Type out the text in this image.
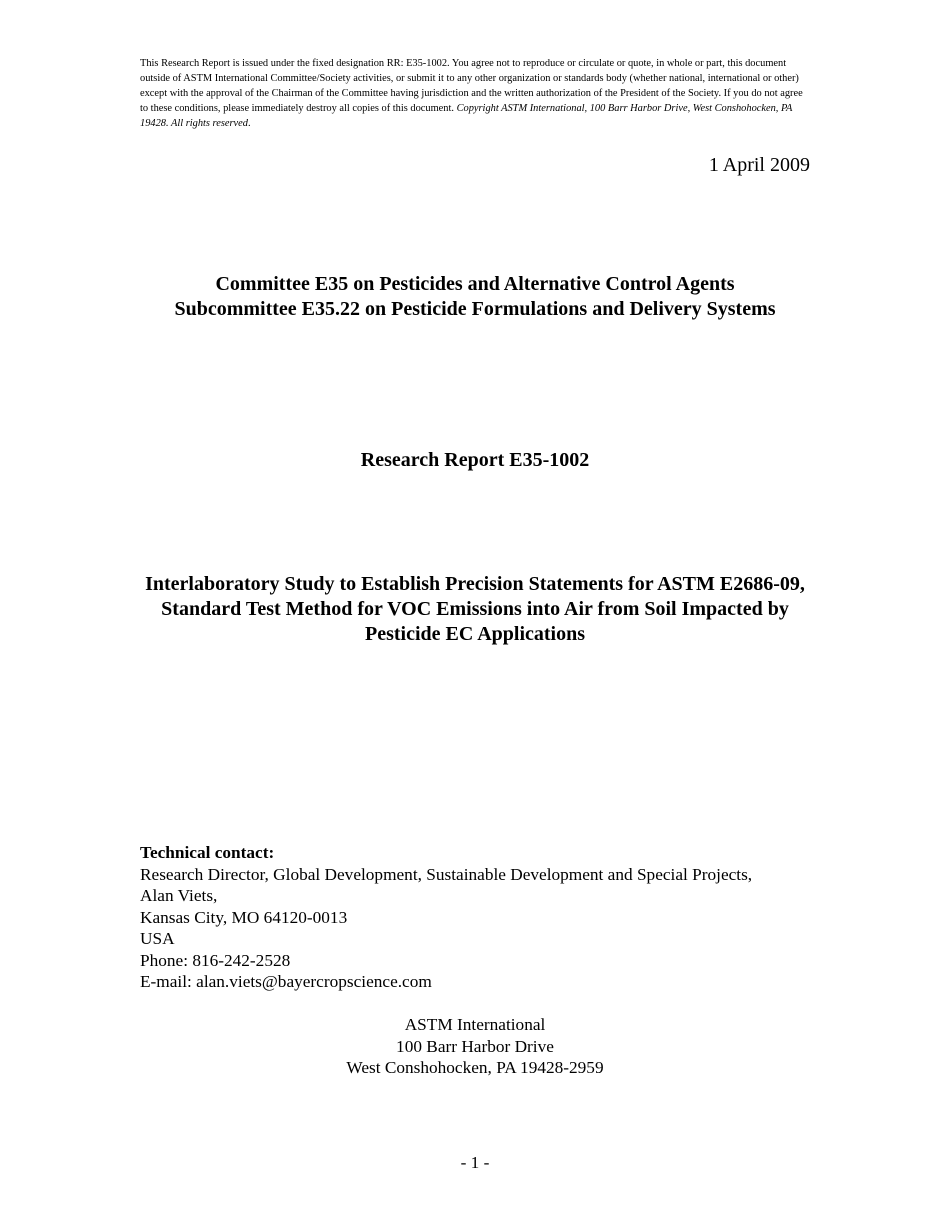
This Research Report is issued under the fixed designation RR: E35-1002. You agree not to reproduce or circulate or quote, in whole or part, this document outside of ASTM International Committee/Society activities, or submit it to any other organization or standards body (whether national, international or other) except with the approval of the Chairman of the Committee having jurisdiction and the written authorization of the President of the Society. If you do not agree to these conditions, please immediately destroy all copies of this document. Copyright ASTM International, 100 Barr Harbor Drive, West Conshohocken, PA 19428. All rights reserved.
1 April 2009
Committee E35 on Pesticides and Alternative Control Agents
Subcommittee E35.22 on Pesticide Formulations and Delivery Systems
Research Report E35-1002
Interlaboratory Study to Establish Precision Statements for ASTM E2686-09, Standard Test Method for VOC Emissions into Air from Soil Impacted by Pesticide EC Applications
Technical contact:
Research Director, Global Development, Sustainable Development and Special Projects,
Alan Viets,
Kansas City, MO 64120-0013
USA
Phone: 816-242-2528
E-mail: alan.viets@bayercropscience.com
ASTM International
100 Barr Harbor Drive
West Conshohocken, PA 19428-2959
- 1 -
